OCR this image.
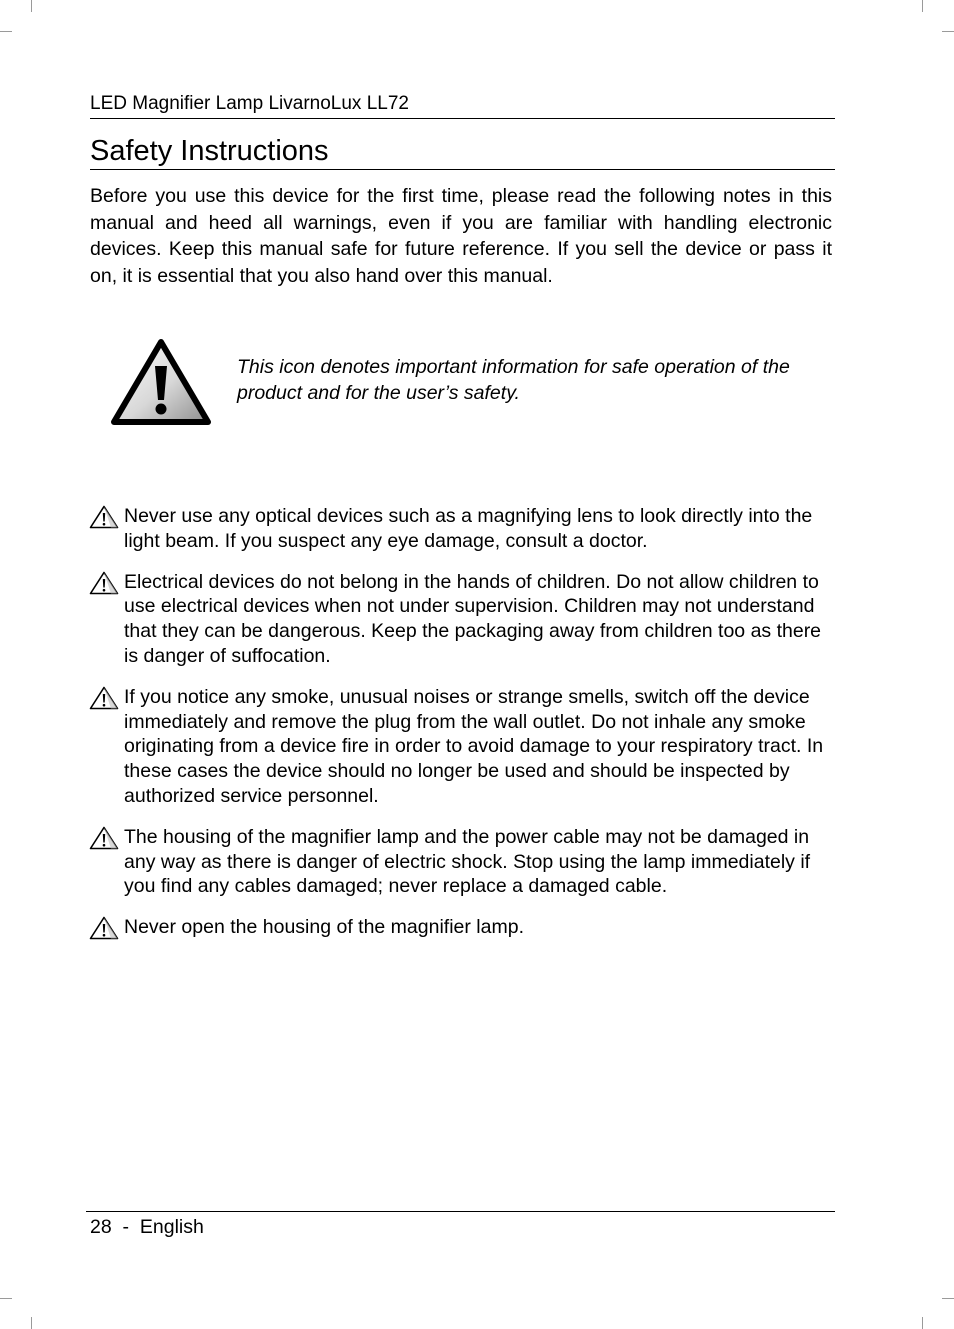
LED Magnifier Lamp LivarnoLux LL72
Safety Instructions

Before you use this device for the first time, please read the following notes in this manual and heed all warnings, even if you are familiar with handling electronic devices. Keep this manual safe for future reference. If you sell the device or pass it on, it is essential that you also hand over this manual.

This icon denotes important information for safe operation of the product and for the user’s safety.

Never use any optical devices such as a magnifying lens to look directly into the light beam. If you suspect any eye damage, consult a doctor.
Electrical devices do not belong in the hands of children. Do not allow children to use electrical devices when not under supervision. Children may not understand that they can be dangerous. Keep the packaging away from children too as there is danger of suffocation.
If you notice any smoke, unusual noises or strange smells, switch off the device immediately and remove the plug from the wall outlet. Do not inhale any smoke originating from a device fire in order to avoid damage to your respiratory tract. In these cases the device should no longer be used and should be inspected by authorized service personnel.
The housing of the magnifier lamp and the power cable may not be damaged in any way as there is danger of electric shock. Stop using the lamp immediately if you find any cables damaged; never replace a damaged cable.
Never open the housing of the magnifier lamp.
28 - English
